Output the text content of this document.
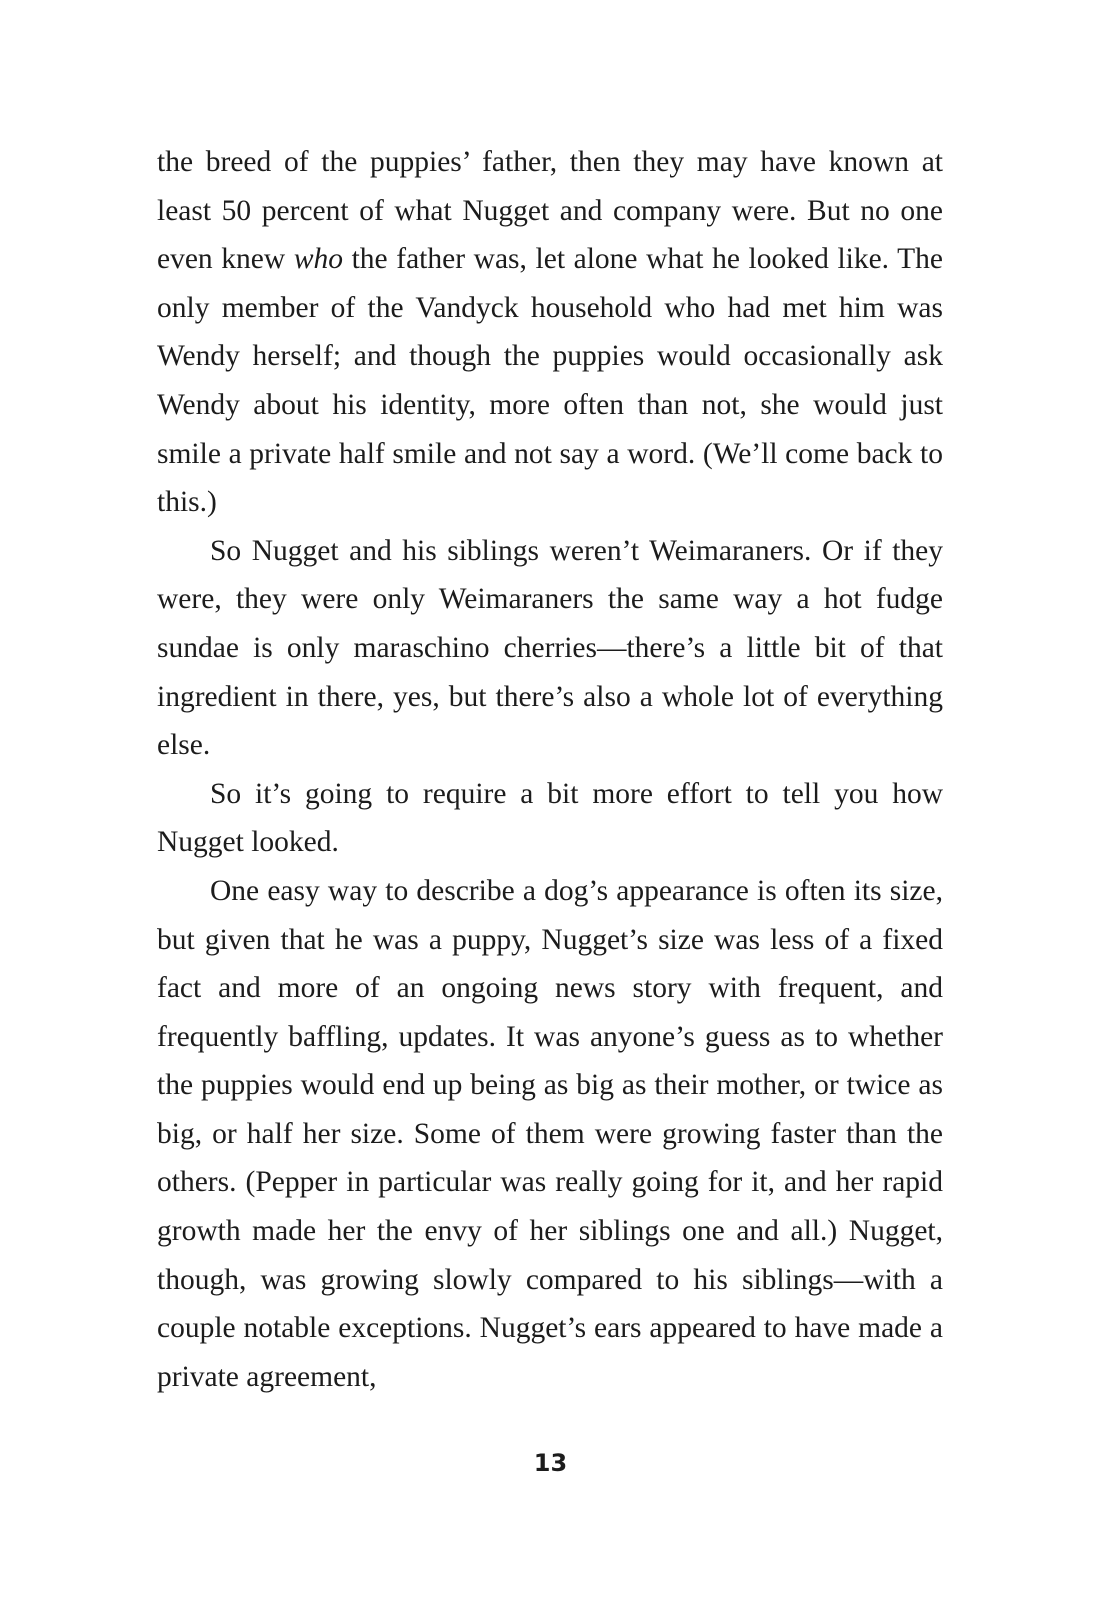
the breed of the puppies’ father, then they may have known at least 50 percent of what Nugget and company were. But no one even knew who the father was, let alone what he looked like. The only member of the Vandyck household who had met him was Wendy herself; and though the puppies would occasionally ask Wendy about his identity, more often than not, she would just smile a private half smile and not say a word. (We’ll come back to this.)

So Nugget and his siblings weren’t Weimaraners. Or if they were, they were only Weimaraners the same way a hot fudge sundae is only maraschino cherries—there’s a little bit of that ingredient in there, yes, but there’s also a whole lot of everything else.

So it’s going to require a bit more effort to tell you how Nugget looked.

One easy way to describe a dog’s appearance is often its size, but given that he was a puppy, Nugget’s size was less of a fixed fact and more of an ongoing news story with frequent, and frequently baffling, updates. It was anyone’s guess as to whether the puppies would end up being as big as their mother, or twice as big, or half her size. Some of them were growing faster than the others. (Pepper in particular was really going for it, and her rapid growth made her the envy of her siblings one and all.) Nugget, though, was growing slowly compared to his siblings—with a couple notable exceptions. Nugget’s ears appeared to have made a private agreement,

13
